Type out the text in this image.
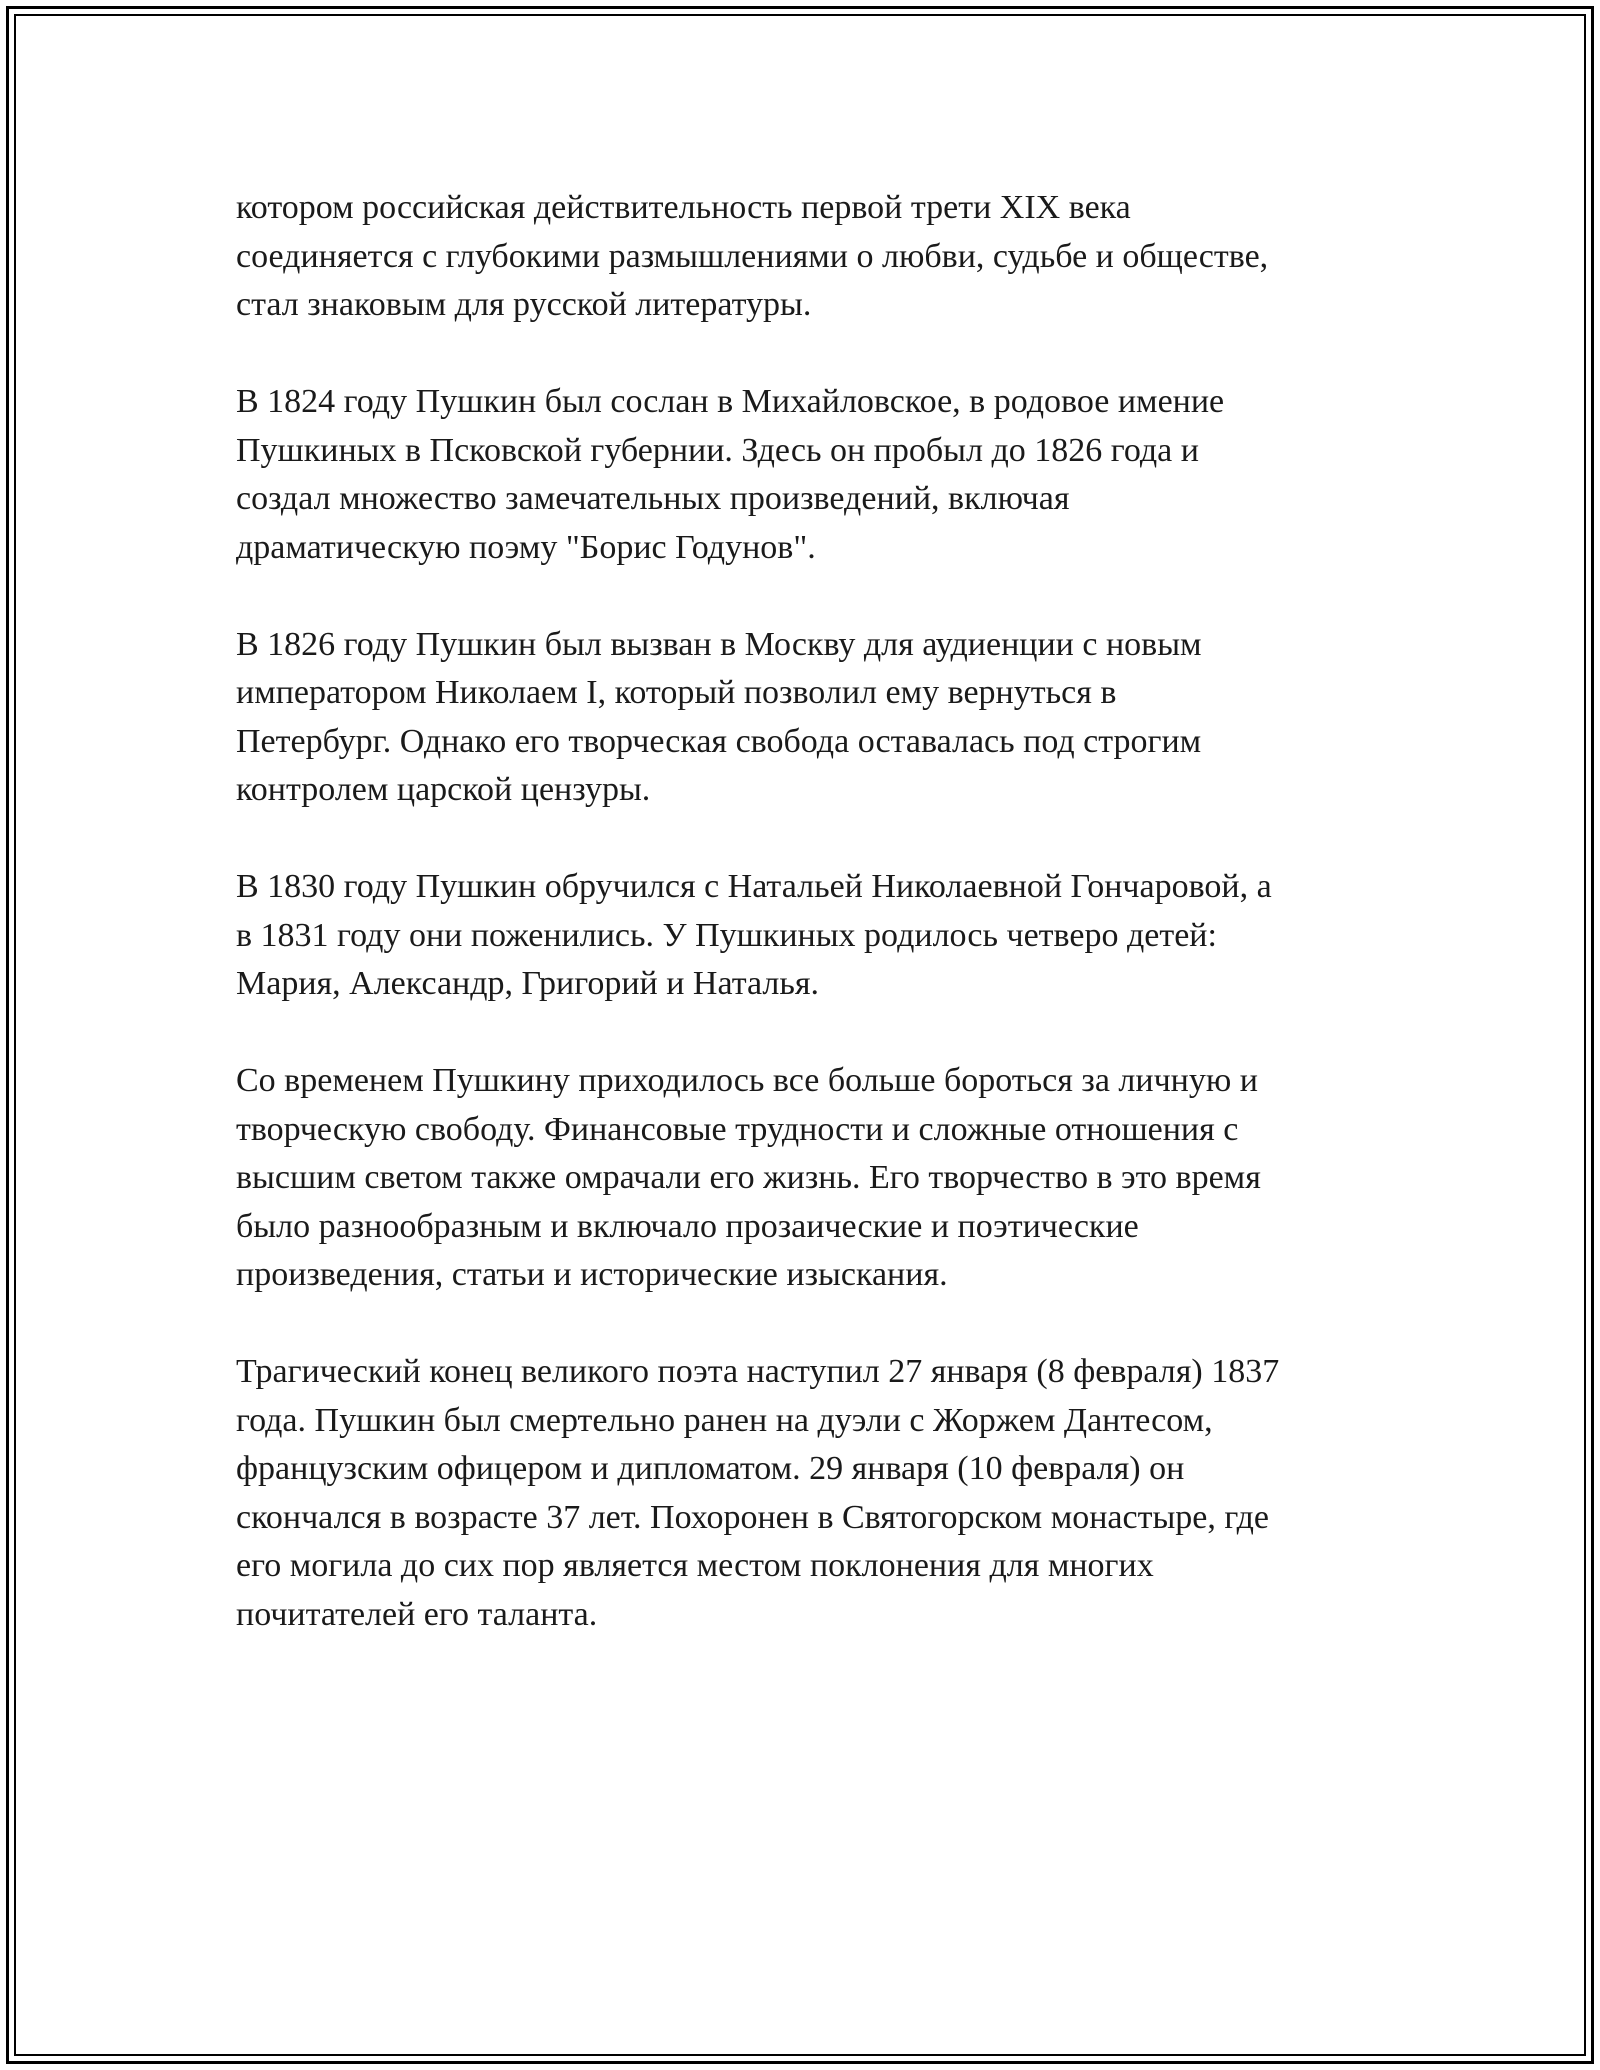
котором российская действительность первой трети XIX века
соединяется с глубокими размышлениями о любви, судьбе и обществе,
стал знаковым для русской литературы.

В 1824 году Пушкин был сослан в Михайловское, в родовое имение
Пушкиных в Псковской губернии. Здесь он пробыл до 1826 года и
создал множество замечательных произведений, включая
драматическую поэму "Борис Годунов".

В 1826 году Пушкин был вызван в Москву для аудиенции с новым
императором Николаем I, который позволил ему вернуться в
Петербург. Однако его творческая свобода оставалась под строгим
контролем царской цензуры.

В 1830 году Пушкин обручился с Натальей Николаевной Гончаровой, а
в 1831 году они поженились. У Пушкиных родилось четверо детей:
Мария, Александр, Григорий и Наталья.

Со временем Пушкину приходилось все больше бороться за личную и
творческую свободу. Финансовые трудности и сложные отношения с
высшим светом также омрачали его жизнь. Его творчество в это время
было разнообразным и включало прозаические и поэтические
произведения, статьи и исторические изыскания.

Трагический конец великого поэта наступил 27 января (8 февраля) 1837
года. Пушкин был смертельно ранен на дуэли с Жоржем Дантесом,
французским офицером и дипломатом. 29 января (10 февраля) он
скончался в возрасте 37 лет. Похоронен в Святогорском монастыре, где
его могила до сих пор является местом поклонения для многих
почитателей его таланта.
